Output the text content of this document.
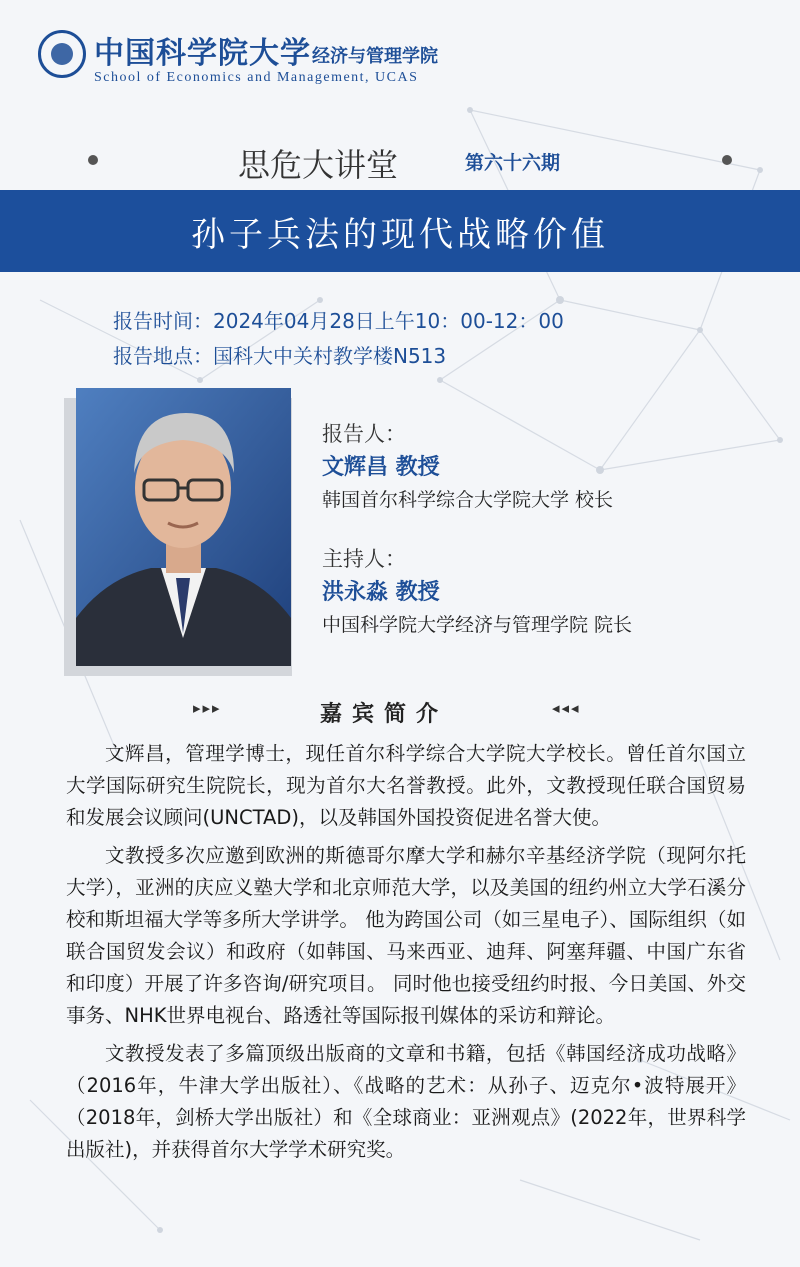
中国科学院大学 经济与管理学院
School of Economics and Management, UCAS
思危大讲堂	第六十六期
孙子兵法的现代战略价值
报告时间：2024年04月28日上午10：00-12：00
报告地点：国科大中关村教学楼N513
报告人：
文辉昌 教授
韩国首尔科学综合大学院大学 校长
主持人：
洪永淼 教授
中国科学院大学经济与管理学院 院长
▸▸▸	嘉宾简介	◂◂◂

文辉昌，管理学博士，现任首尔科学综合大学院大学校长。曾任首尔国立大学国际研究生院院长，现为首尔大名誉教授。此外，文教授现任联合国贸易和发展会议顾问(UNCTAD)，以及韩国外国投资促进名誉大使。

文教授多次应邀到欧洲的斯德哥尔摩大学和赫尔辛基经济学院（现阿尔托大学），亚洲的庆应义塾大学和北京师范大学，以及美国的纽约州立大学石溪分校和斯坦福大学等多所大学讲学。 他为跨国公司（如三星电子）、国际组织（如联合国贸发会议）和政府（如韩国、马来西亚、迪拜、阿塞拜疆、中国广东省和印度）开展了许多咨询/研究项目。 同时他也接受纽约时报、今日美国、外交事务、NHK世界电视台、路透社等国际报刊媒体的采访和辩论。

文教授发表了多篇顶级出版商的文章和书籍，包括《韩国经济成功战略》（2016年，牛津大学出版社）、《战略的艺术：从孙子、迈克尔•波特展开》（2018年，剑桥大学出版社）和《全球商业：亚洲观点》(2022年，世界科学出版社)，并获得首尔大学学术研究奖。
